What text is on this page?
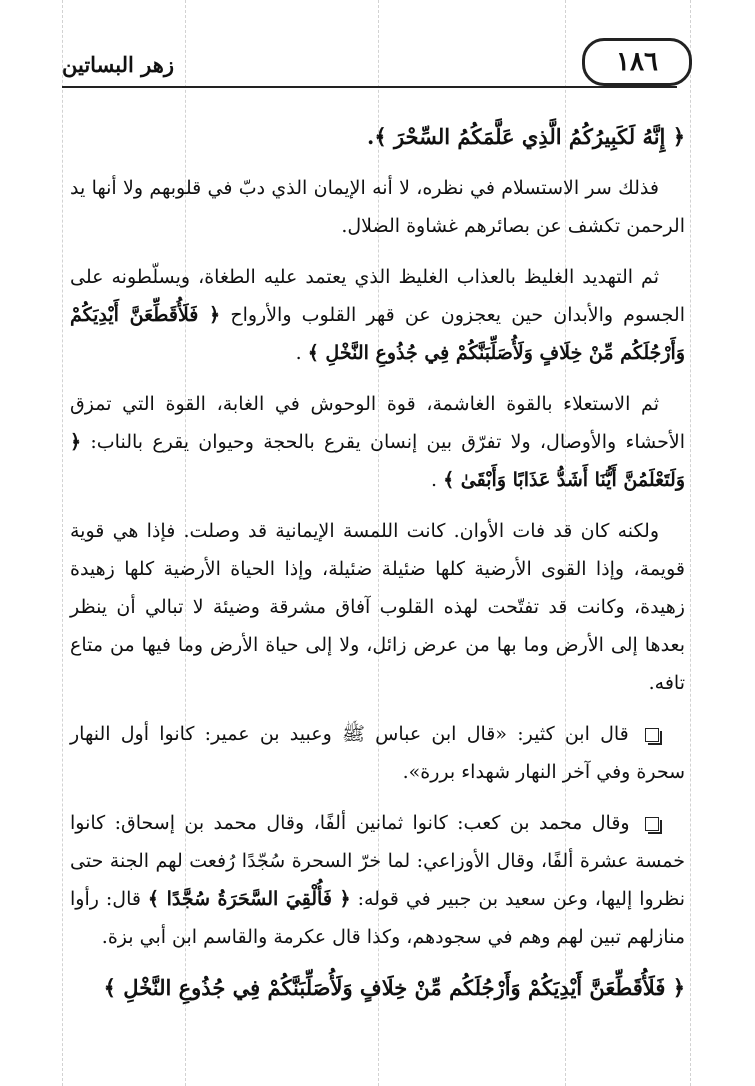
١٨٦
زهر البساتين

﴿ إِنَّهُ لَكَبِيرُكُمُ الَّذِي عَلَّمَكُمُ السِّحْرَ ﴾.

فذلك سر الاستسلام في نظره، لا أنه الإيمان الذي دبّ في قلوبهم ولا أنها يد الرحمن تكشف عن بصائرهم غشاوة الضلال.

ثم التهديد الغليظ بالعذاب الغليظ الذي يعتمد عليه الطغاة، ويسلّطونه على الجسوم والأبدان حين يعجزون عن قهر القلوب والأرواح ﴿ فَلَأُقَطِّعَنَّ أَيْدِيَكُمْ وَأَرْجُلَكُم مِّنْ خِلَافٍ وَلَأُصَلِّبَنَّكُمْ فِي جُذُوعِ النَّخْلِ ﴾ .

ثم الاستعلاء بالقوة الغاشمة، قوة الوحوش في الغابة، القوة التي تمزق الأحشاء والأوصال، ولا تفرّق بين إنسان يقرع بالحجة وحيوان يقرع بالناب: ﴿ وَلَتَعْلَمُنَّ أَيُّنَا أَشَدُّ عَذَابًا وَأَبْقَىٰ ﴾ .

ولكنه كان قد فات الأوان. كانت اللمسة الإيمانية قد وصلت. فإذا هي قوية قويمة، وإذا القوى الأرضية كلها ضئيلة ضئيلة، وإذا الحياة الأرضية كلها زهيدة زهيدة، وكانت قد تفتّحت لهذه القلوب آفاق مشرقة وضيئة لا تبالي أن ينظر بعدها إلى الأرض وما بها من عرض زائل، ولا إلى حياة الأرض وما فيها من متاع تافه.

قال ابن كثير: «قال ابن عباس ﷺ وعبيد بن عمير: كانوا أول النهار سحرة وفي آخر النهار شهداء بررة».

وقال محمد بن كعب: كانوا ثمانين ألفًا، وقال محمد بن إسحاق: كانوا خمسة عشرة ألفًا، وقال الأوزاعي: لما خرّ السحرة سُجّدًا رُفعت لهم الجنة حتى نظروا إليها، وعن سعيد بن جبير في قوله: ﴿ فَأُلْقِيَ السَّحَرَةُ سُجَّدًا ﴾ قال: رأوا منازلهم تبين لهم وهم في سجودهم، وكذا قال عكرمة والقاسم ابن أبي بزة.

﴿ فَلَأُقَطِّعَنَّ أَيْدِيَكُمْ وَأَرْجُلَكُم مِّنْ خِلَافٍ وَلَأُصَلِّبَنَّكُمْ فِي جُذُوعِ النَّخْلِ ﴾
